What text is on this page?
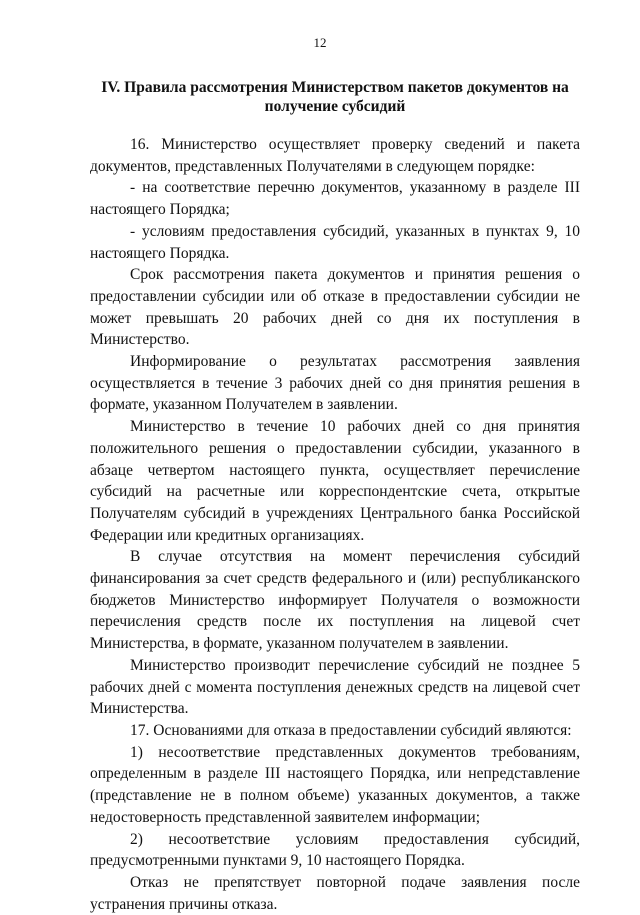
12
IV. Правила рассмотрения Министерством пакетов документов на получение субсидий

16. Министерство осуществляет проверку сведений и пакета документов, представленных Получателями в следующем порядке:

- на соответствие перечню документов, указанному в разделе III настоящего Порядка;

- условиям предоставления субсидий, указанных в пунктах 9, 10 настоящего Порядка.

Срок рассмотрения пакета документов и принятия решения о предоставлении субсидии или об отказе в предоставлении субсидии не может превышать 20 рабочих дней со дня их поступления в Министерство.

Информирование о результатах рассмотрения заявления осуществляется в течение 3 рабочих дней со дня принятия решения в формате, указанном Получателем в заявлении.

Министерство в течение 10 рабочих дней со дня принятия положительного решения о предоставлении субсидии, указанного в абзаце четвертом настоящего пункта, осуществляет перечисление субсидий на расчетные или корреспондентские счета, открытые Получателям субсидий в учреждениях Центрального банка Российской Федерации или кредитных организациях.

В случае отсутствия на момент перечисления субсидий финансирования за счет средств федерального и (или) республиканского бюджетов Министерство информирует Получателя о возможности перечисления средств после их поступления на лицевой счет Министерства, в формате, указанном получателем в заявлении.

Министерство производит перечисление субсидий не позднее 5 рабочих дней с момента поступления денежных средств на лицевой счет Министерства.

17. Основаниями для отказа в предоставлении субсидий являются:

1) несоответствие представленных документов требованиям, определенным в разделе III настоящего Порядка, или непредставление (представление не в полном объеме) указанных документов, а также недостоверность представленной заявителем информации;

2) несоответствие условиям предоставления субсидий, предусмотренными пунктами 9, 10 настоящего Порядка.

Отказ не препятствует повторной подаче заявления после устранения причины отказа.
